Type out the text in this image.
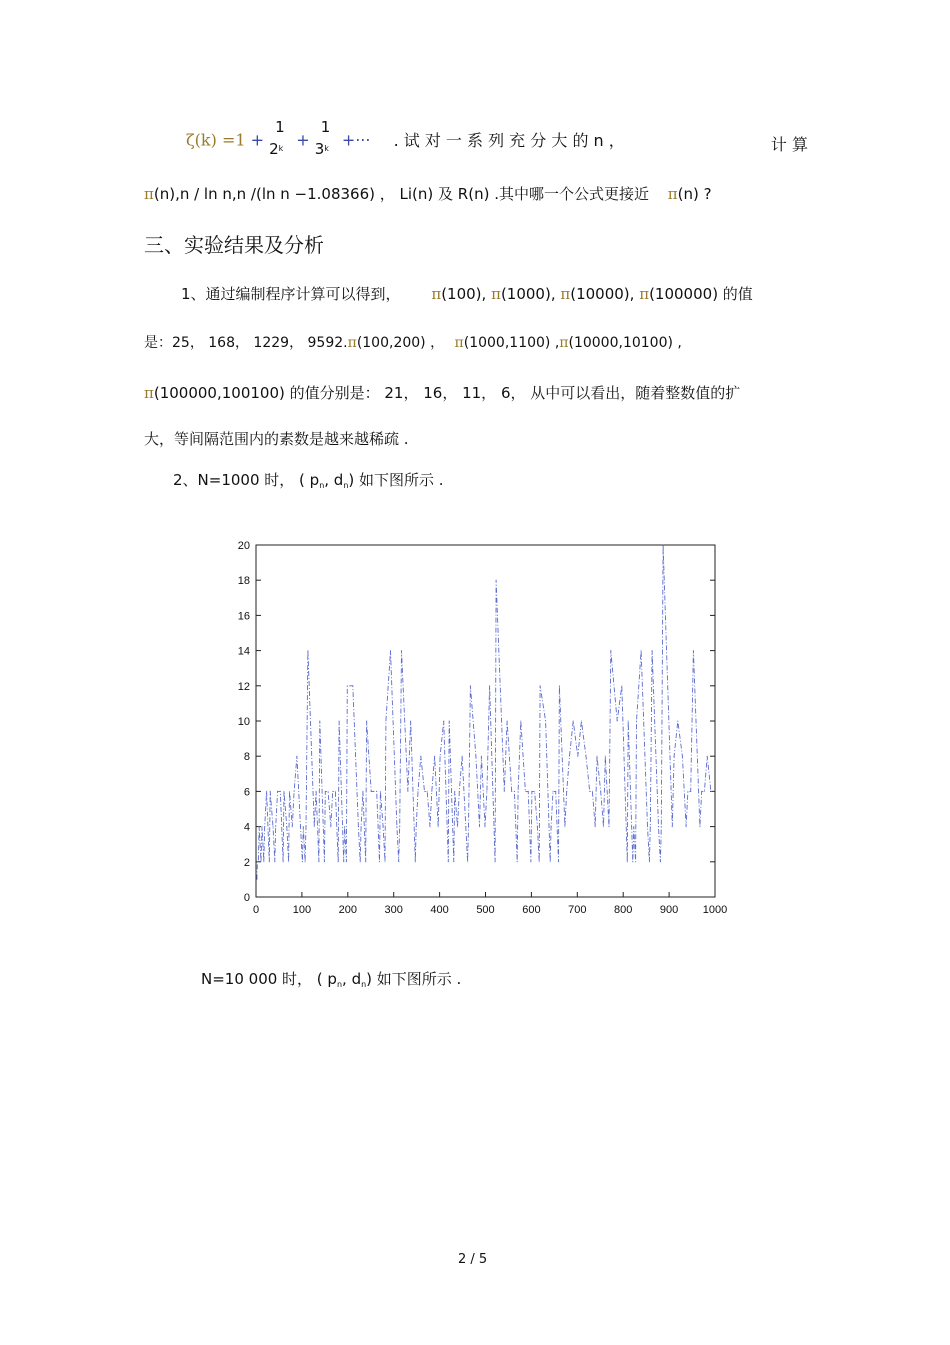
ζ(k) =1 +
1
$2^k$ +
1
$3^k$ +··· . 试 对 一 系 列 充 分 大 的 n ，	计 算
π(n),n / ln n,n /(ln n −1.08366) ， Li(n) 及 R(n) .其中哪一个公式更接近 π(n) ?
三、实验结果及分析
1、通过编制程序计算可以得到， π(100), π(1000), π(10000), π(100000) 的值
是：25， 168， 1229， 9592.π(100,200) ， π(1000,1100) ,π(10000,10100) ,
π(100000,100100) 的值分别是： 21， 16， 11， 6， 从中可以看出，随着整数值的扩
大，等间隔范围内的素数是越来越稀疏 .
2、N=1000 时， ( $p_n$, $d_n$) 如下图所示 .
0
2
4
6
8
10
12
14
16
18
20
0	100	200	300	400	500	600	700	800	900 1000
N=10 000 时， ( $p_n$, $d_n$) 如下图所示 .
2 / 5
